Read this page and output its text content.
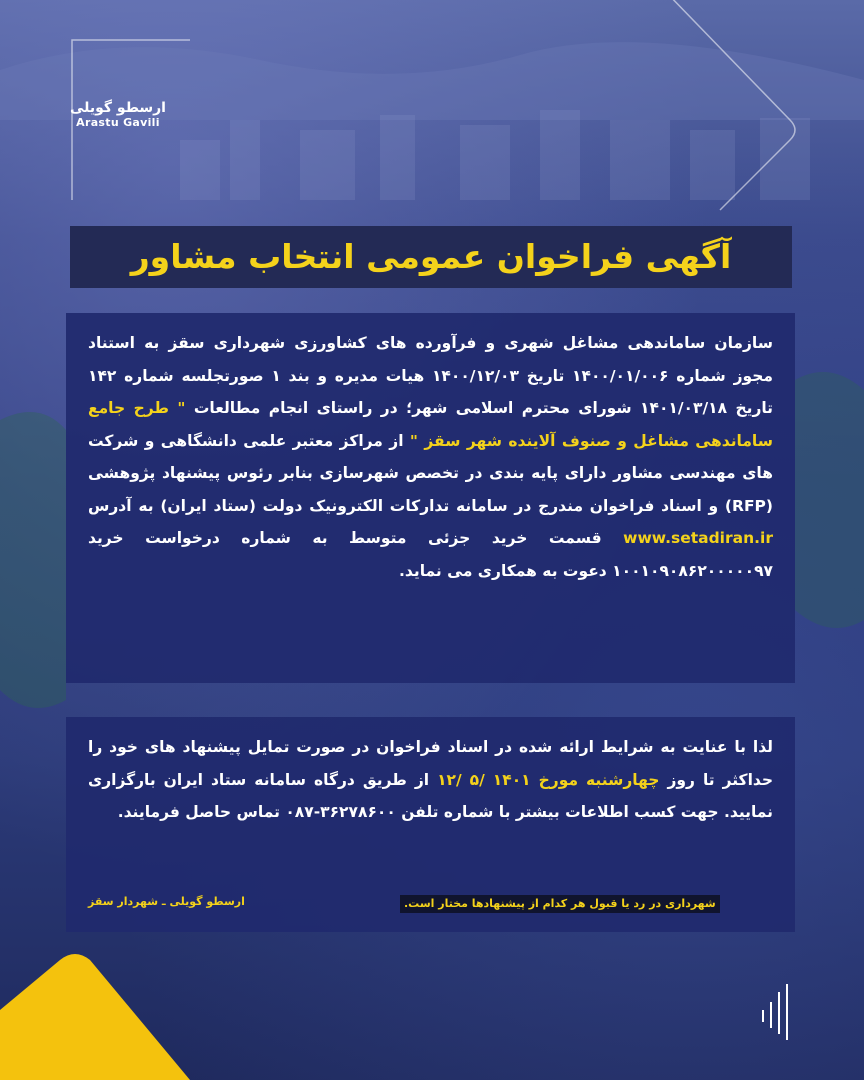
ارسطو گویلی
Arastu Gavili
آگهی فراخوان عمومی انتخاب مشاور
سازمان ساماندهی مشاغل شهری و فرآورده های کشاورزی شهرداری سقز به استناد مجوز شماره ۱۴۰۰/۰۱/۰۰۶ تاریخ ۱۴۰۰/۱۲/۰۳ هیات مدیره و بند ۱ صورتجلسه شماره ۱۴۲ تاریخ ۱۴۰۱/۰۳/۱۸ شورای محترم اسلامی شهر؛ در راستای انجام مطالعات " طرح جامع ساماندهی مشاغل و صنوف آلاینده شهر سقز " از مراکز معتبر علمی دانشگاهی و شرکت های مهندسی مشاور دارای پایه بندی در تخصص شهرسازی بنابر رئوس پیشنهاد پژوهشی (RFP) و اسناد فراخوان مندرج در سامانه تدارکات الکترونیک دولت (ستاد ایران) به آدرس www.setadiran.ir قسمت خرید جزئی متوسط به شماره درخواست خرید ۱۰۰۱۰۹۰۸۶۲۰۰۰۰۰۹۷ دعوت به همکاری می نماید.
لذا با عنایت به شرایط ارائه شده در اسناد فراخوان در صورت تمایل پیشنهاد های خود را حداکثر تا روز چهارشنبه مورخ ۱۴۰۱ /۵ /۱۲ از طریق درگاه سامانه ستاد ایران بارگزاری نمایید. جهت کسب اطلاعات بیشتر با شماره تلفن ۳۶۲۷۸۶۰۰-۰۸۷ تماس حاصل فرمایند.
شهرداری در رد یا قبول هر کدام از پیشنهادها مختار است.
ارسطو گویلی ـ شهردار سقز
